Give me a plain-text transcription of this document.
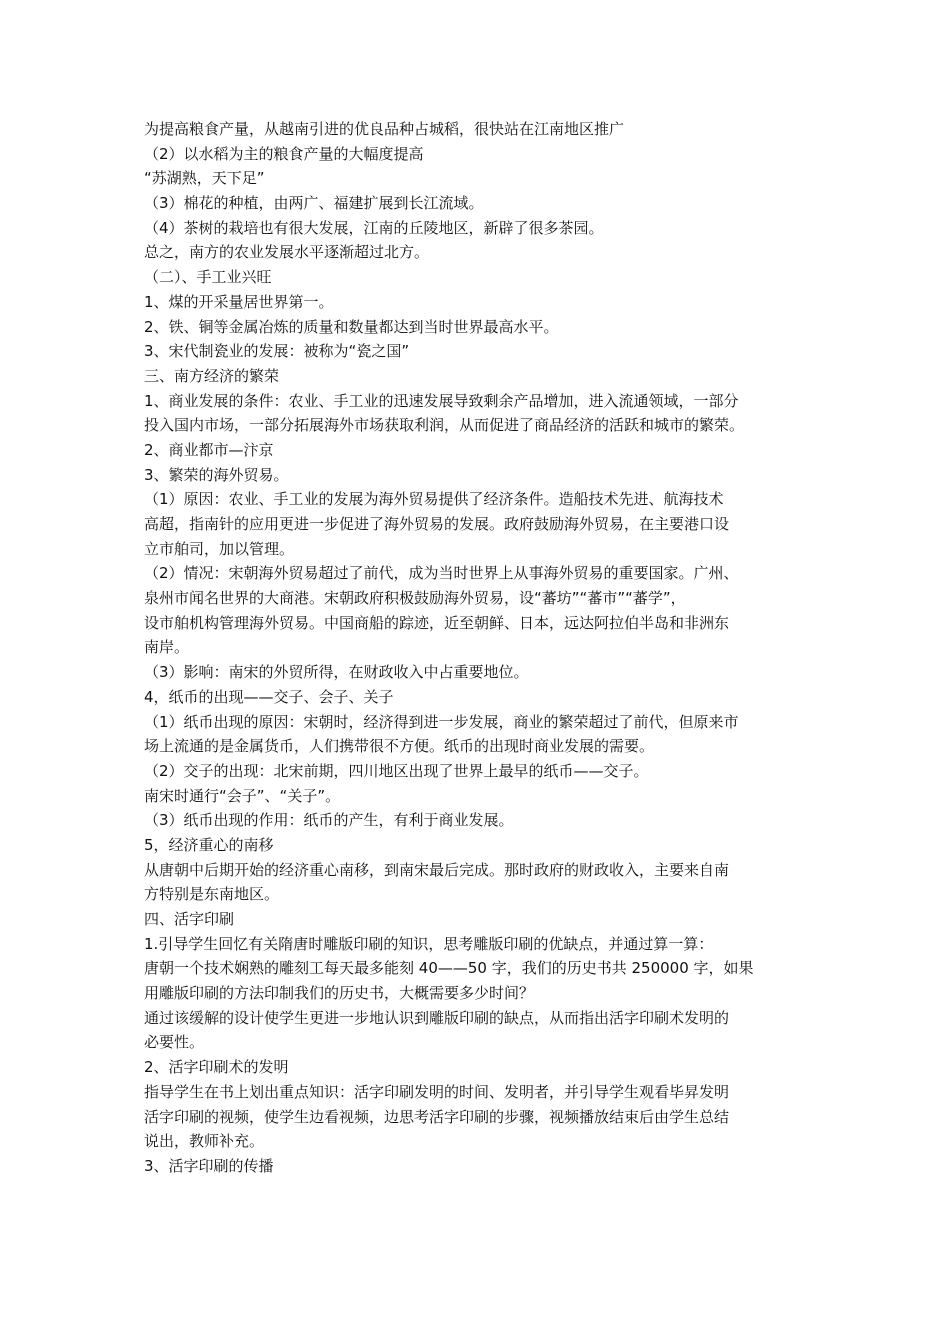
为提高粮食产量，从越南引进的优良品种占城稻，很快站在江南地区推广
（2）以水稻为主的粮食产量的大幅度提高
“苏湖熟，天下足”
（3）棉花的种植，由两广、福建扩展到长江流域。
（4）茶树的栽培也有很大发展，江南的丘陵地区，新辟了很多茶园。
总之，南方的农业发展水平逐渐超过北方。
（二）、手工业兴旺
1、煤的开采量居世界第一。
2、铁、铜等金属冶炼的质量和数量都达到当时世界最高水平。
3、宋代制瓷业的发展：被称为“瓷之国”
三、南方经济的繁荣
1、商业发展的条件：农业、手工业的迅速发展导致剩余产品增加，进入流通领域，一部分
投入国内市场，一部分拓展海外市场获取利润，从而促进了商品经济的活跃和城市的繁荣。
2、商业都市—汴京
3、繁荣的海外贸易。
（1）原因：农业、手工业的发展为海外贸易提供了经济条件。造船技术先进、航海技术
高超，指南针的应用更进一步促进了海外贸易的发展。政府鼓励海外贸易，在主要港口设
立市舶司，加以管理。
（2）情况：宋朝海外贸易超过了前代，成为当时世界上从事海外贸易的重要国家。广州、
泉州市闻名世界的大商港。宋朝政府积极鼓励海外贸易，设“蕃坊”“蕃市”“蕃学”，
设市舶机构管理海外贸易。中国商船的踪迹，近至朝鲜、日本，远达阿拉伯半岛和非洲东
南岸。
（3）影响：南宋的外贸所得，在财政收入中占重要地位。
4，纸币的出现——交子、会子、关子
（1）纸币出现的原因：宋朝时，经济得到进一步发展，商业的繁荣超过了前代，但原来市
场上流通的是金属货币，人们携带很不方便。纸币的出现时商业发展的需要。
（2）交子的出现：北宋前期，四川地区出现了世界上最早的纸币——交子。
南宋时通行“会子”、“关子”。
（3）纸币出现的作用：纸币的产生，有利于商业发展。
5，经济重心的南移
从唐朝中后期开始的经济重心南移，到南宋最后完成。那时政府的财政收入，主要来自南
方特别是东南地区。
四、活字印刷
1.引导学生回忆有关隋唐时雕版印刷的知识，思考雕版印刷的优缺点，并通过算一算：
唐朝一个技术娴熟的雕刻工每天最多能刻 40——50 字，我们的历史书共 250000 字，如果
用雕版印刷的方法印制我们的历史书，大概需要多少时间？
通过该缓解的设计使学生更进一步地认识到雕版印刷的缺点，从而指出活字印刷术发明的
必要性。
2、活字印刷术的发明
指导学生在书上划出重点知识：活字印刷发明的时间、发明者，并引导学生观看毕昇发明
活字印刷的视频，使学生边看视频，边思考活字印刷的步骤，视频播放结束后由学生总结
说出，教师补充。
3、活字印刷的传播
